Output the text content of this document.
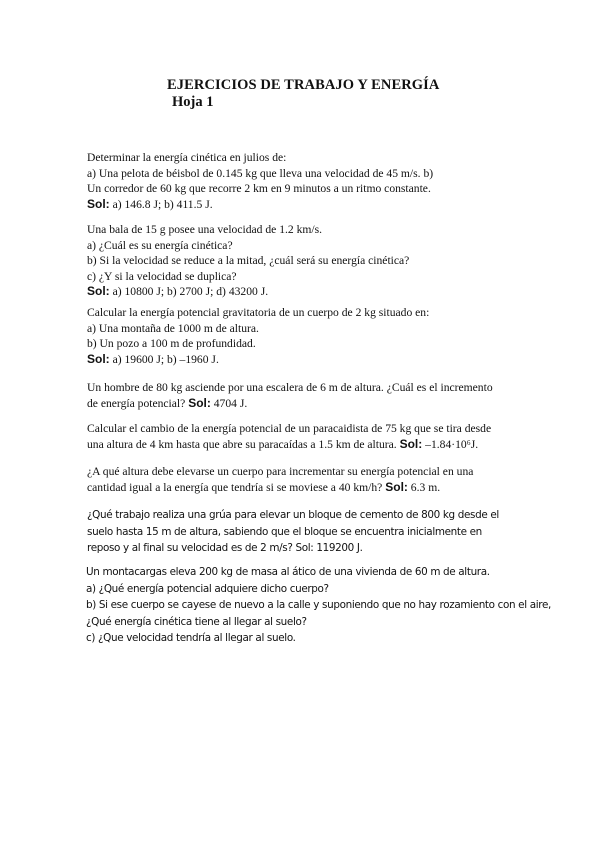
EJERCICIOS DE TRABAJO Y ENERGÍA
Hoja 1
Determinar la energía cinética en julios de:
a) Una pelota de béisbol de 0.145 kg que lleva una velocidad de 45 m/s. b)
Un corredor de 60 kg que recorre 2 km en 9 minutos a un ritmo constante.
Sol: a) 146.8 J; b) 411.5 J.
Una bala de 15 g posee una velocidad de 1.2 km/s.
a) ¿Cuál es su energía cinética?
b) Si la velocidad se reduce a la mitad, ¿cuál será su energía cinética?
c) ¿Y si la velocidad se duplica?
Sol: a) 10800 J; b) 2700 J; d) 43200 J.
Calcular la energía potencial gravitatoria de un cuerpo de 2 kg situado en:
a) Una montaña de 1000 m de altura.
b) Un pozo a 100 m de profundidad.
Sol: a) 19600 J; b) –1960 J.
Un hombre de 80 kg asciende por una escalera de 6 m de altura. ¿Cuál es el incremento
de energía potencial? Sol: 4704 J.
Calcular el cambio de la energía potencial de un paracaidista de 75 kg que se tira desde
una altura de 4 km hasta que abre su paracaídas a 1.5 km de altura. Sol: –1.84·10⁶J.
¿A qué altura debe elevarse un cuerpo para incrementar su energía potencial en una
cantidad igual a la energía que tendría si se moviese a 40 km/h? Sol: 6.3 m.
¿Qué trabajo realiza una grúa para elevar un bloque de cemento de 800 kg desde el
suelo hasta 15 m de altura, sabiendo que el bloque se encuentra inicialmente en
reposo y al final su velocidad es de 2 m/s? Sol: 119200 J.
Un montacargas eleva 200 kg de masa al ático de una vivienda de 60 m de altura.
a) ¿Qué energía potencial adquiere dicho cuerpo?
b) Si ese cuerpo se cayese de nuevo a la calle y suponiendo que no hay rozamiento con el aire,
¿Qué energía cinética tiene al llegar al suelo?
c) ¿Que velocidad tendría al llegar al suelo.
